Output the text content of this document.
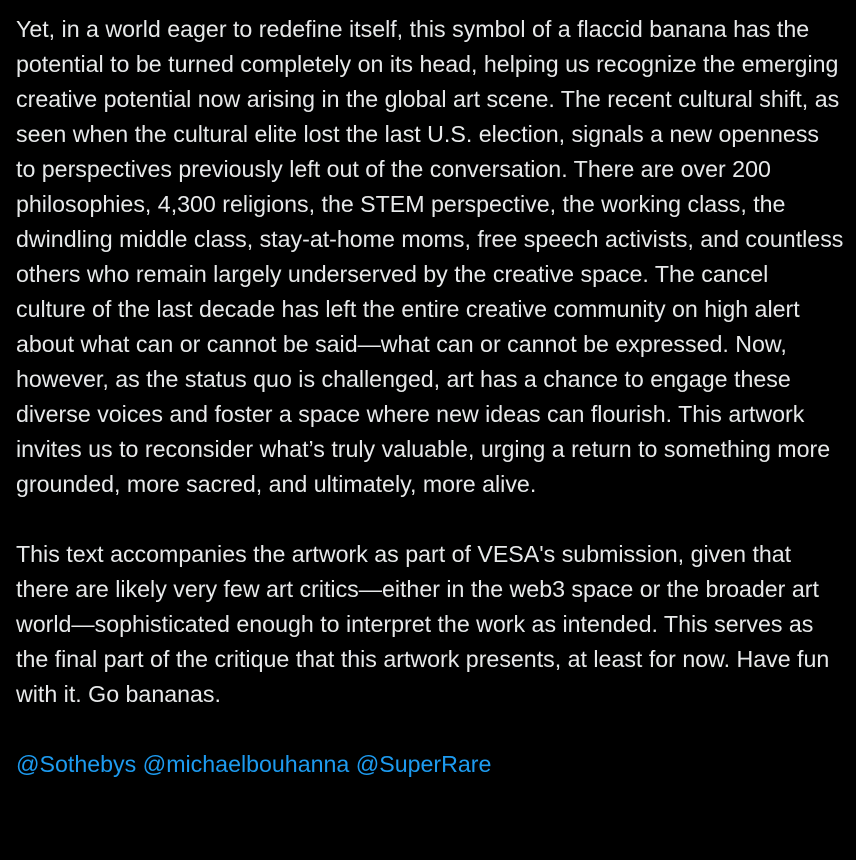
Yet, in a world eager to redefine itself, this symbol of a flaccid banana has the potential to be turned completely on its head, helping us recognize the emerging creative potential now arising in the global art scene. The recent cultural shift, as seen when the cultural elite lost the last U.S. election, signals a new openness to perspectives previously left out of the conversation. There are over 200 philosophies, 4,300 religions, the STEM perspective, the working class, the dwindling middle class, stay-at-home moms, free speech activists, and countless others who remain largely underserved by the creative space. The cancel culture of the last decade has left the entire creative community on high alert about what can or cannot be said—what can or cannot be expressed. Now, however, as the status quo is challenged, art has a chance to engage these diverse voices and foster a space where new ideas can flourish. This artwork invites us to reconsider what’s truly valuable, urging a return to something more grounded, more sacred, and ultimately, more alive.

This text accompanies the artwork as part of VESA's submission, given that there are likely very few art critics—either in the web3 space or the broader art world—sophisticated enough to interpret the work as intended. This serves as the final part of the critique that this artwork presents, at least for now. Have fun with it. Go bananas.

@Sothebys @michaelbouhanna @SuperRare
